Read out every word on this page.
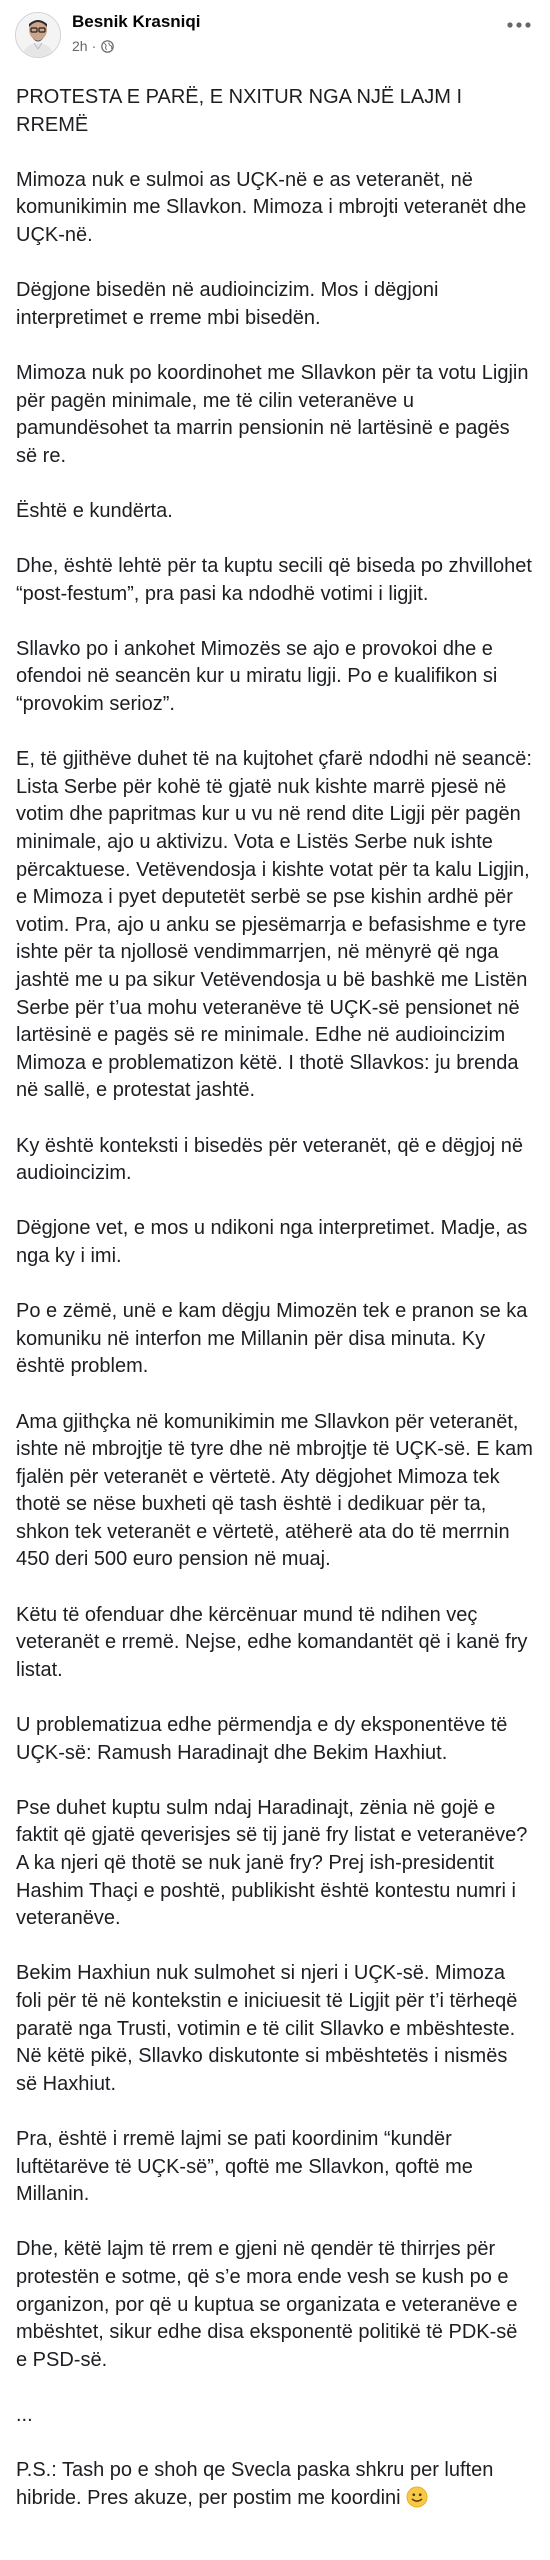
Besnik Krasniqi
2h ·

PROTESTA E PARË, E NXITUR NGA NJË LAJM I RREMË

Mimoza nuk e sulmoi as UÇK-në e as veteranët, në komunikimin me Sllavkon. Mimoza i mbrojti veteranët dhe UÇK-në.

Dëgjone bisedën në audioincizim. Mos i dëgjoni interpretimet e rreme mbi bisedën.

Mimoza nuk po koordinohet me Sllavkon për ta votu Ligjin për pagën minimale, me të cilin veteranëve u pamundësohet ta marrin pensionin në lartësinë e pagës së re.

Është e kundërta.

Dhe, është lehtë për ta kuptu secili që biseda po zhvillohet “post-festum”, pra pasi ka ndodhë votimi i ligjit.

Sllavko po i ankohet Mimozës se ajo e provokoi dhe e ofendoi në seancën kur u miratu ligji. Po e kualifikon si “provokim serioz”.

E, të gjithëve duhet të na kujtohet çfarë ndodhi në seancë: Lista Serbe për kohë të gjatë nuk kishte marrë pjesë në votim dhe papritmas kur u vu në rend dite Ligji për pagën minimale, ajo u aktivizu. Vota e Listës Serbe nuk ishte përcaktuese. Vetëvendosja i kishte votat për ta kalu Ligjin, e Mimoza i pyet deputetët serbë se pse kishin ardhë për votim. Pra, ajo u anku se pjesëmarrja e befasishme e tyre ishte për ta njollosë vendimmarrjen, në mënyrë që nga jashtë me u pa sikur Vetëvendosja u bë bashkë me Listën Serbe për t’ua mohu veteranëve të UÇK-së pensionet në lartësinë e pagës së re minimale. Edhe në audioincizim Mimoza e problematizon këtë. I thotë Sllavkos: ju brenda në sallë, e protestat jashtë.

Ky është konteksti i bisedës për veteranët, që e dëgjoj në audioincizim.

Dëgjone vet, e mos u ndikoni nga interpretimet. Madje, as nga ky i imi.

Po e zëmë, unë e kam dëgju Mimozën tek e pranon se ka komuniku në interfon me Millanin për disa minuta. Ky është problem.

Ama gjithçka në komunikimin me Sllavkon për veteranët, ishte në mbrojtje të tyre dhe në mbrojtje të UÇK-së. E kam fjalën për veteranët e vërtetë. Aty dëgjohet Mimoza tek thotë se nëse buxheti që tash është i dedikuar për ta, shkon tek veteranët e vërtetë, atëherë ata do të merrnin 450 deri 500 euro pension në muaj.

Këtu të ofenduar dhe kërcënuar mund të ndihen veç veteranët e rremë. Nejse, edhe komandantët që i kanë fry listat.

U problematizua edhe përmendja e dy eksponentëve të UÇK-së: Ramush Haradinajt dhe Bekim Haxhiut.

Pse duhet kuptu sulm ndaj Haradinajt, zënia në gojë e faktit që gjatë qeverisjes së tij janë fry listat e veteranëve? A ka njeri që thotë se nuk janë fry? Prej ish-presidentit Hashim Thaçi e poshtë, publikisht është kontestu numri i veteranëve.

Bekim Haxhiun nuk sulmohet si njeri i UÇK-së. Mimoza foli për të në kontekstin e iniciuesit të Ligjit për t’i tërheqë paratë nga Trusti, votimin e të cilit Sllavko e mbështeste. Në këtë pikë, Sllavko diskutonte si mbështetës i nismës së Haxhiut.

Pra, është i rremë lajmi se pati koordinim “kundër luftëtarëve të UÇK-së”, qoftë me Sllavkon, qoftë me Millanin.

Dhe, këtë lajm të rrem e gjeni në qendër të thirrjes për protestën e sotme, që s’e mora ende vesh se kush po e organizon, por që u kuptua se organizata e veteranëve e mbështet, sikur edhe disa eksponentë politikë të PDK-së e PSD-së.

...

P.S.: Tash po e shoh qe Svecla paska shkru per luften hibride. Pres akuze, per postim me koordini
